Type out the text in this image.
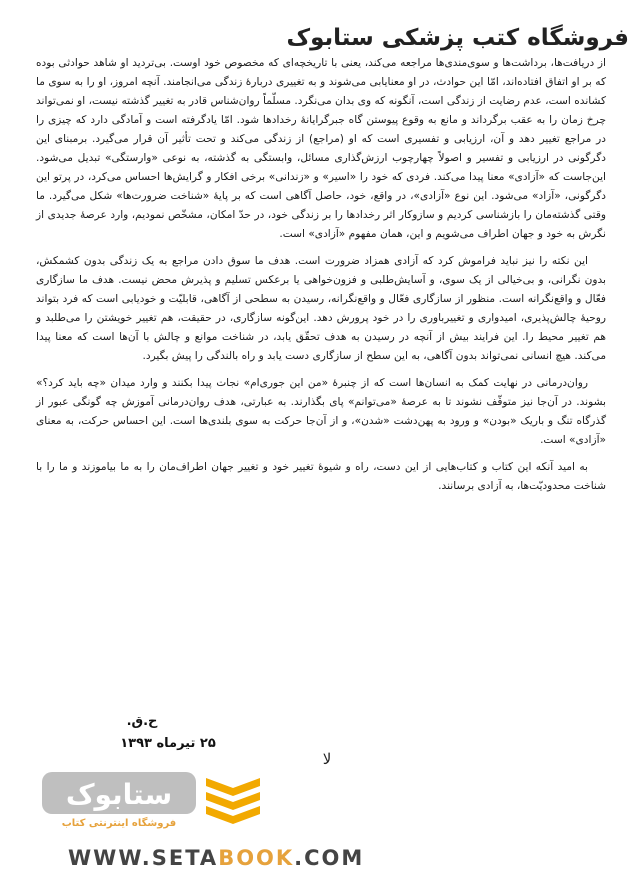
فروشگاه کتب پزشکی ستابوک

از دریافت‌ها، برداشت‌ها و سوی‌مندی‌ها مراجعه می‌کند، یعنی با تاریخچه‌ای که مخصوص خود اوست. بی‌تردید او شاهد حوادثی بوده که بر او اتفاق افتاده‌اند، امّا این حوادث، در او معنایابی می‌شوند و به تغییری دربارهٔ زندگی می‌انجامند. آنچه امروز، او را به سوی ما کشانده است، عدم رضایت از زندگی است، آنگونه که وی بدان می‌نگرد. مسلّماً روان‌شناس قادر به تغییر گذشته نیست، او نمی‌تواند چرخ زمان را به عقب برگرداند و مانع به وقوع پیوستن گاه جبرگرایانهٔ رخدادها شود. امّا یادگرفته است و آمادگی دارد که چیزی را در مراجع تغییر دهد و آن، ارزیابی و تفسیری است که او (مراجع) از زندگی می‌کند و تحت تأثیر آن قرار می‌گیرد. برمبنای این دگرگونی در ارزیابی و تفسیر و اصولاً چهارچوب ارزش‌گذاری مسائل، وابستگی به گذشته، به نوعی «وارستگی» تبدیل می‌شود. این‌جاست که «آزادی» معنا پیدا می‌کند. فردی که خود را «اسیر» و «زندانی» برخی افکار و گرایش‌ها احساس می‌کرد، در پرتو این دگرگونی، «آزاد» می‌شود. این نوع «آزادی»، در واقع، خود، حاصل آگاهی است که بر پایهٔ «شناخت ضرورت‌ها» شکل می‌گیرد. ما وقتی گذشته‌مان را بازشناسی کردیم و سازوکار اثر رخدادها را بر زندگی خود، در حدّ امکان، مشخّص نمودیم، وارد عرصهٔ جدیدی از نگرش به خود و جهان اطراف می‌شویم و این، همان مفهوم «آزادی» است.

این نکته را نیز نباید فراموش کرد که آزادی همزاد ضرورت است. هدف ما سوق دادن مراجع به یک زندگی بدون کشمکش، بدون نگرانی، و بی‌خیالی از یک سوی، و آسایش‌طلبی و فزون‌خواهی یا برعکس تسلیم و پذیرش محض نیست. هدف ما سازگاری فعّال و واقع‌نگرانه است. منظور از سازگاری فعّال و واقع‌نگرانه، رسیدن به سطحی از آگاهی، قابلیّت و خودیابی است که فرد بتواند روحیهٔ چالش‌پذیری، امیدواری و تغییرباوری را در خود پرورش دهد. این‌گونه سازگاری، در حقیقت، هم تغییر خویشتن را می‌طلبد و هم تغییر محیط را. این فرایند بیش از آنچه در رسیدن به هدف تحقّق یابد، در شناخت موانع و چالش با آن‌ها است که معنا پیدا می‌کند. هیچ انسانی نمی‌تواند بدون آگاهی، به این سطح از سازگاری دست یابد و راه بالندگی را پیش بگیرد.

روان‌درمانی در نهایت کمک به انسان‌ها است که از چنبرهٔ «من این جوری‌ام» نجات پیدا بکنند و وارد میدان «چه باید کرد؟» بشوند. در آن‌جا نیز متوقّف نشوند تا به عرصهٔ «می‌توانم» پای بگذارند. به عبارتی، هدف روان‌درمانی آموزش چه گونگی عبور از گذرگاه تنگ و باریک «بودن» و ورود به پهن‌دشت «شدن»، و از آن‌جا حرکت به سوی بلندی‌ها است. این احساس حرکت، به معنای «آزادی» است.

به امید آنکه این کتاب و کتاب‌هایی از این دست، راه و شیوهٔ تغییر خود و تغییر جهان اطراف‌مان را به ما بیاموزند و ما را با شناخت محدودیّت‌ها، به آزادی برسانند.

ح.ق.
۲۵ تیرماه ۱۳۹۳
لا
ستابوک
فروشگاه اینترنتی کتاب
WWW.SETABOOK.COM
